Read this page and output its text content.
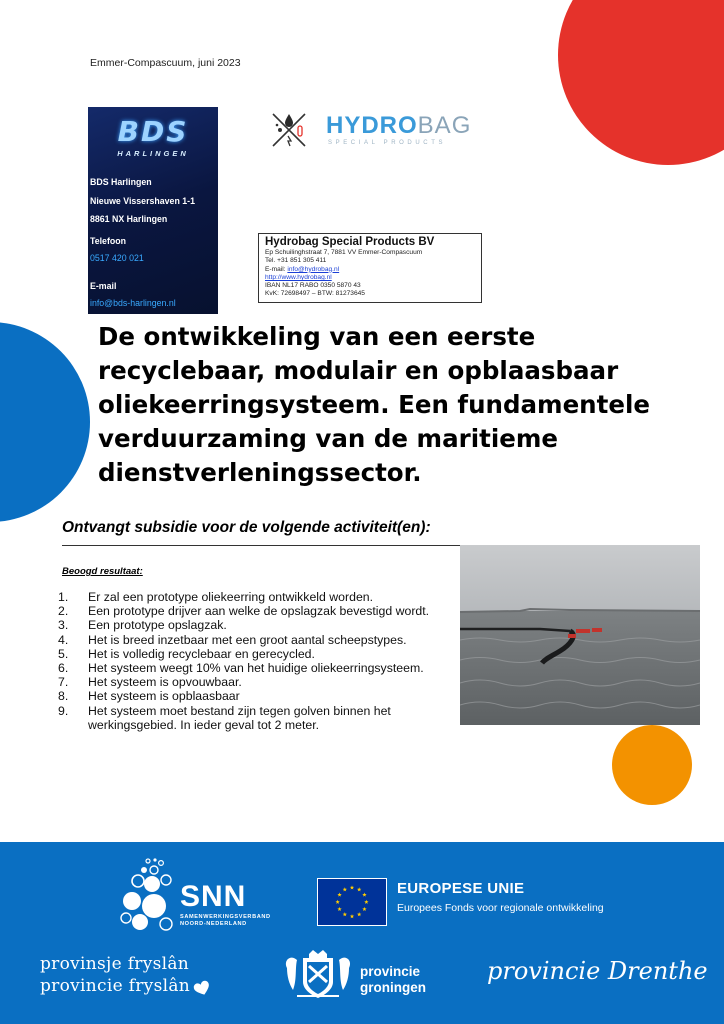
Emmer-Compascuum, juni 2023
BDS
HARLINGEN
BDS Harlingen
Nieuwe Vissershaven 1-1
8861 NX Harlingen
Telefoon
0517 420 021
E-mail
info@bds-harlingen.nl
HYDROBAG
SPECIAL PRODUCTS
Hydrobag Special Products BV
Ep Schuilinghstraat 7, 7881 VV Emmer-Compascuum
Tel. +31 851 305 411
E-mail: info@hydrobag.nl
http://www.hydrobag.nl
IBAN NL17 RABO 0350 5870 43
KvK: 72698497 – BTW: 81273645
De ontwikkeling van een eerste recyclebaar, modulair en opblaasbaar oliekeerringsysteem. Een fundamentele verduurzaming van de maritieme dienstverleningssector.
Ontvangt subsidie voor de volgende activiteit(en):
Beoogd resultaat:
1. Er zal een prototype oliekeerring ontwikkeld worden.
2. Een prototype drijver aan welke de opslagzak bevestigd wordt.
3. Een prototype opslagzak.
4. Het is breed inzetbaar met een groot aantal scheepstypes.
5. Het is volledig recyclebaar en gerecycled.
6. Het systeem weegt 10% van het huidige oliekeerringsysteem.
7. Het systeem is opvouwbaar.
8. Het systeem is opblaasbaar
9. Het systeem moet bestand zijn tegen golven binnen het werkingsgebied. In ieder geval tot 2 meter.
SNN
SAMENWERKINGSVERBAND
NOORD-NEDERLAND
EUROPESE UNIE
Europees Fonds voor regionale ontwikkeling
provinsje fryslân
provincie fryslân
provincie
groningen
provincie Drenthe
